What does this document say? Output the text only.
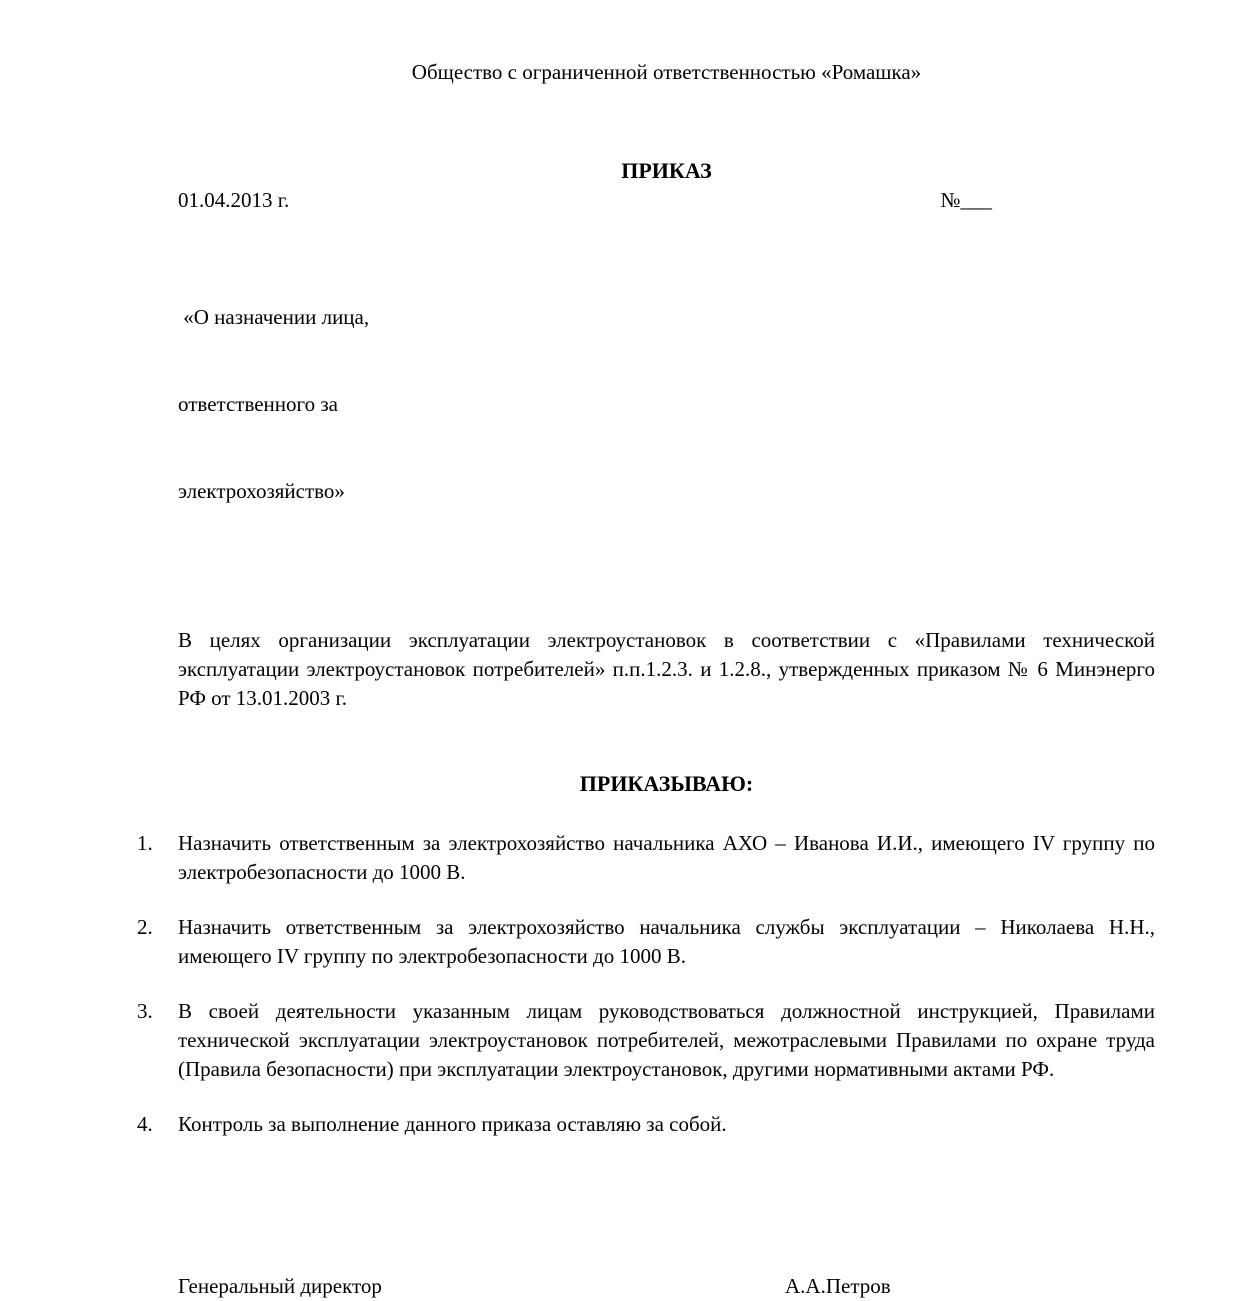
Общество с ограниченной ответственностью «Ромашка»
ПРИКАЗ
01.04.2013 г.	№___

«О назначении лица,

ответственного за

электрохозяйство»

В целях организации эксплуатации электроустановок в соответствии с «Правилами технической эксплуатации электроустановок потребителей» п.п.1.2.3. и 1.2.8., утвержденных приказом № 6 Минэнерго РФ от 13.01.2003 г.
ПРИКАЗЫВАЮ:
1. Назначить ответственным за электрохозяйство начальника АХО – Иванова И.И., имеющего IV группу по электробезопасности до 1000 В.
2. Назначить ответственным за электрохозяйство начальника службы эксплуатации – Николаева Н.Н., имеющего IV группу по электробезопасности до 1000 В.
3. В своей деятельности указанным лицам руководствоваться должностной инструкцией, Правилами технической эксплуатации электроустановок потребителей, межотраслевыми Правилами по охране труда (Правила безопасности) при эксплуатации электроустановок, другими нормативными актами РФ.
4. Контроль за выполнение данного приказа оставляю за собой.
Генеральный директор	А.А.Петров
